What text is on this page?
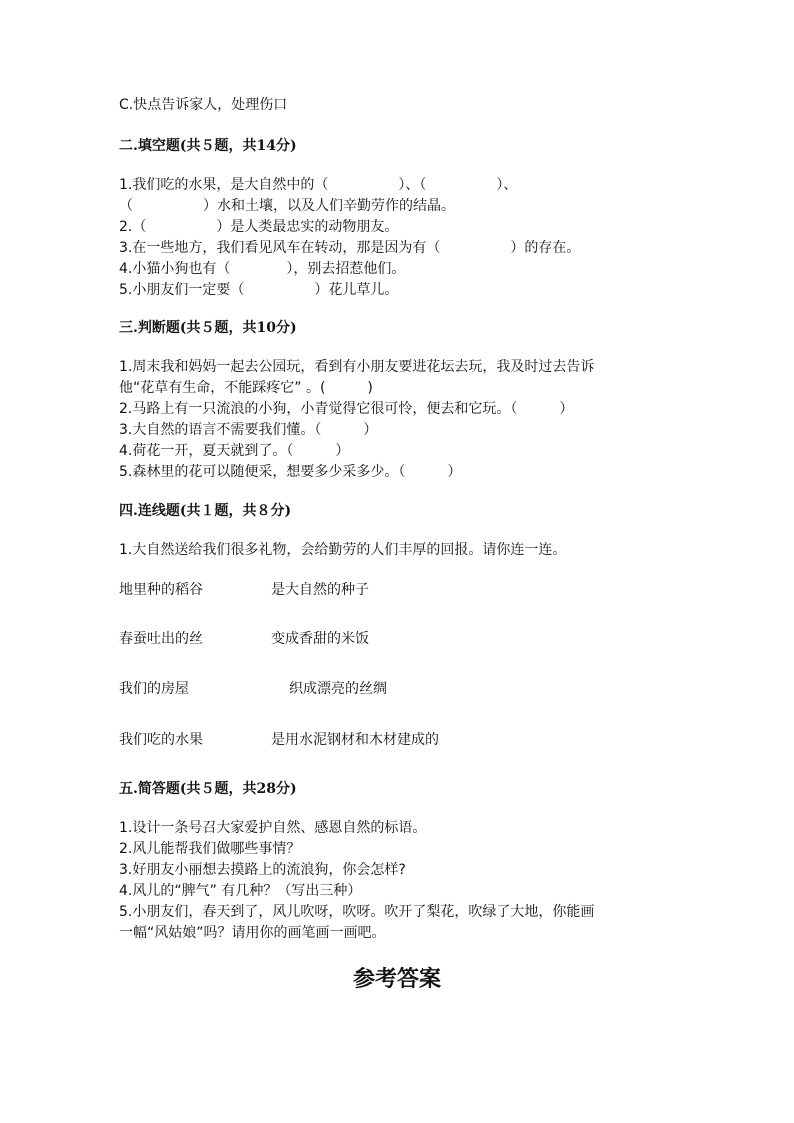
C.快点告诉家人，处理伤口
二.填空题(共５题，共14分)
1.我们吃的水果，是大自然中的（　　　　　）、（　　　　　）、
（　　　　　）水和土壤，以及人们辛勤劳作的结晶。
2.（　　　　　）是人类最忠实的动物朋友。
3.在一些地方，我们看见风车在转动，那是因为有（　　　　　）的存在。
4.小猫小狗也有（　　　　），别去招惹他们。
5.小朋友们一定要（　　　　　）花儿草儿。
三.判断题(共５题，共10分)
1.周末我和妈妈一起去公园玩，看到有小朋友要进花坛去玩，我及时过去告诉
他“花草有生命，不能踩疼它” 。(　　　)
2.马路上有一只流浪的小狗，小青觉得它很可怜，便去和它玩。（　　　）
3.大自然的语言不需要我们懂。（　　　）
4.荷花一开，夏天就到了。（　　　）
5.森林里的花可以随便采，想要多少采多少。（　　　）
四.连线题(共１题，共８分)
1.大自然送给我们很多礼物，会给勤劳的人们丰厚的回报。请你连一连。
地里种的稻谷	是大自然的种子
春蚕吐出的丝	变成香甜的米饭
我们的房屋	织成漂亮的丝绸
我们吃的水果	是用水泥钢材和木材建成的
五.简答题(共５题，共28分)
1.设计一条号召大家爱护自然、感恩自然的标语。
2.风儿能帮我们做哪些事情？
3.好朋友小丽想去摸路上的流浪狗，你会怎样?
4.风儿的“脾气” 有几种？（写出三种）
5.小朋友们，春天到了，风儿吹呀，吹呀。吹开了梨花，吹绿了大地，你能画
一幅“风姑娘”吗？请用你的画笔画一画吧。
参考答案
